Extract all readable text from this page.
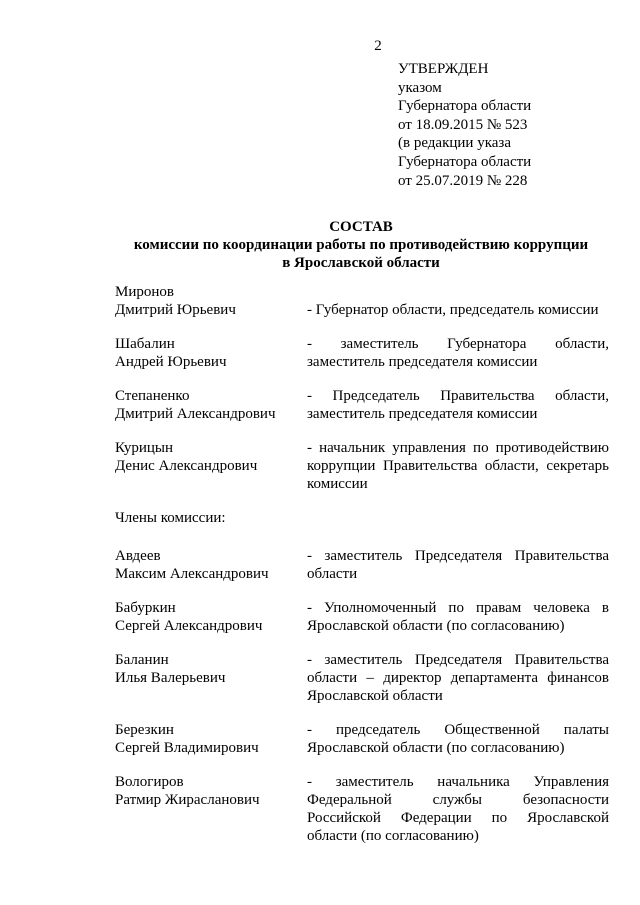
2
УТВЕРЖДЕН
указом
Губернатора области
от 18.09.2015 № 523
(в редакции указа
Губернатора области
от 25.07.2019 № 228
СОСТАВ
комиссии по координации работы по противодействию коррупции
в Ярославской области
Миронов
Дмитрий Юрьевич	- Губернатор области, председатель комиссии
Шабалин
Андрей Юрьевич
- заместитель Губернатора области, заместитель председателя комиссии
Степаненко
Дмитрий Александрович
- Председатель Правительства области, заместитель председателя комиссии
Курицын
Денис Александрович
- начальник управления по противодействию коррупции Правительства области, секретарь комиссии
Члены комиссии:
Авдеев
Максим Александрович
- заместитель Председателя Правительства области
Бабуркин
Сергей Александрович
- Уполномоченный по правам человека в Ярославской области (по согласованию)
Баланин
Илья Валерьевич
- заместитель Председателя Правительства области – директор департамента финансов Ярославской области
Березкин
Сергей Владимирович
- председатель Общественной палаты Ярославской области (по согласованию)
Вологиров
Ратмир Жирасланович
- заместитель начальника Управления Федеральной службы безопасности Российской Федерации по Ярославской области (по согласованию)
